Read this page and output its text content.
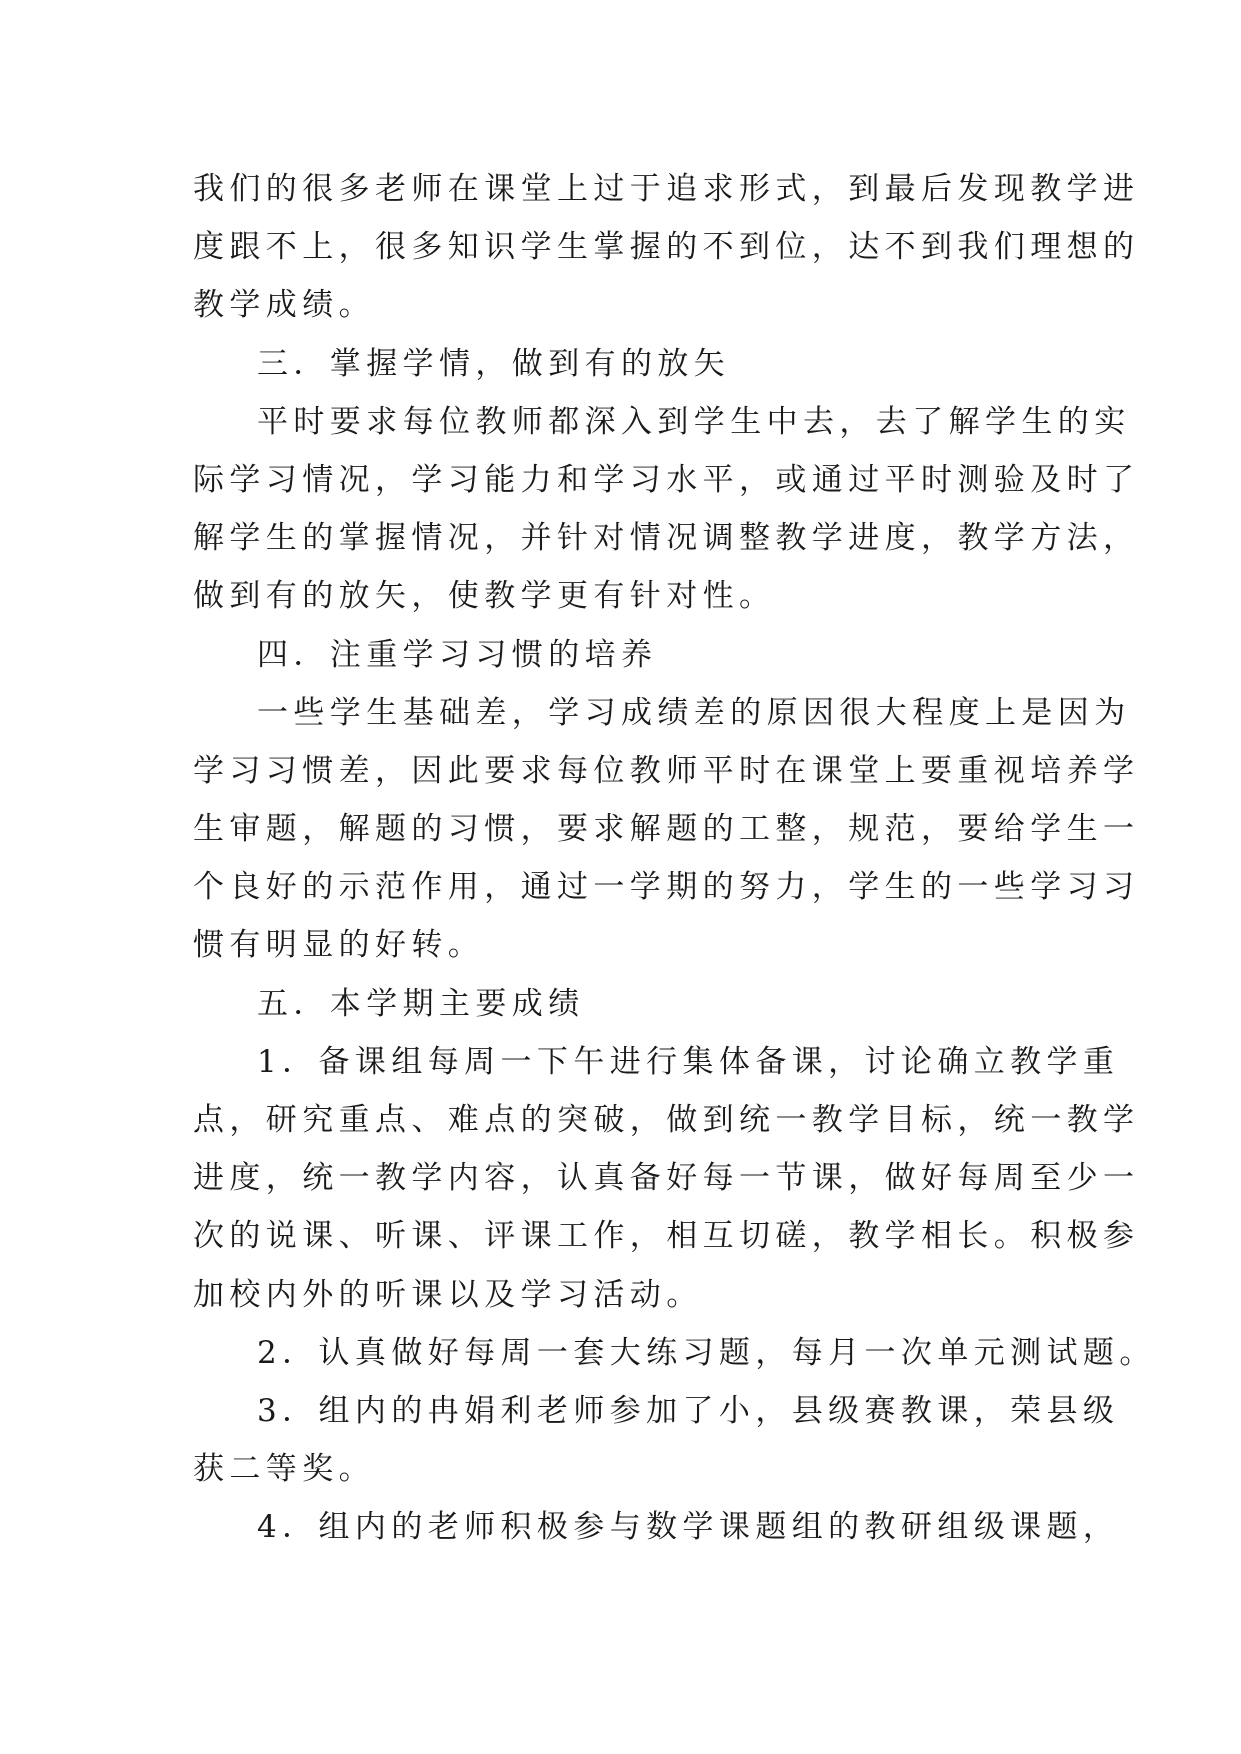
我们的很多老师在课堂上过于追求形式，到最后发现教学进
度跟不上，很多知识学生掌握的不到位，达不到我们理想的
教学成绩。
三．掌握学情，做到有的放矢
平时要求每位教师都深入到学生中去，去了解学生的实
际学习情况，学习能力和学习水平，或通过平时测验及时了
解学生的掌握情况，并针对情况调整教学进度，教学方法，
做到有的放矢，使教学更有针对性。
四．注重学习习惯的培养
一些学生基础差，学习成绩差的原因很大程度上是因为
学习习惯差，因此要求每位教师平时在课堂上要重视培养学
生审题，解题的习惯，要求解题的工整，规范，要给学生一
个良好的示范作用，通过一学期的努力，学生的一些学习习
惯有明显的好转。
五．本学期主要成绩
1．备课组每周一下午进行集体备课，讨论确立教学重
点，研究重点、难点的突破，做到统一教学目标，统一教学
进度，统一教学内容，认真备好每一节课，做好每周至少一
次的说课、听课、评课工作，相互切磋，教学相长。积极参
加校内外的听课以及学习活动。
2．认真做好每周一套大练习题，每月一次单元测试题。
3．组内的冉娟利老师参加了小，县级赛教课，荣县级
获二等奖。
4．组内的老师积极参与数学课题组的教研组级课题，
